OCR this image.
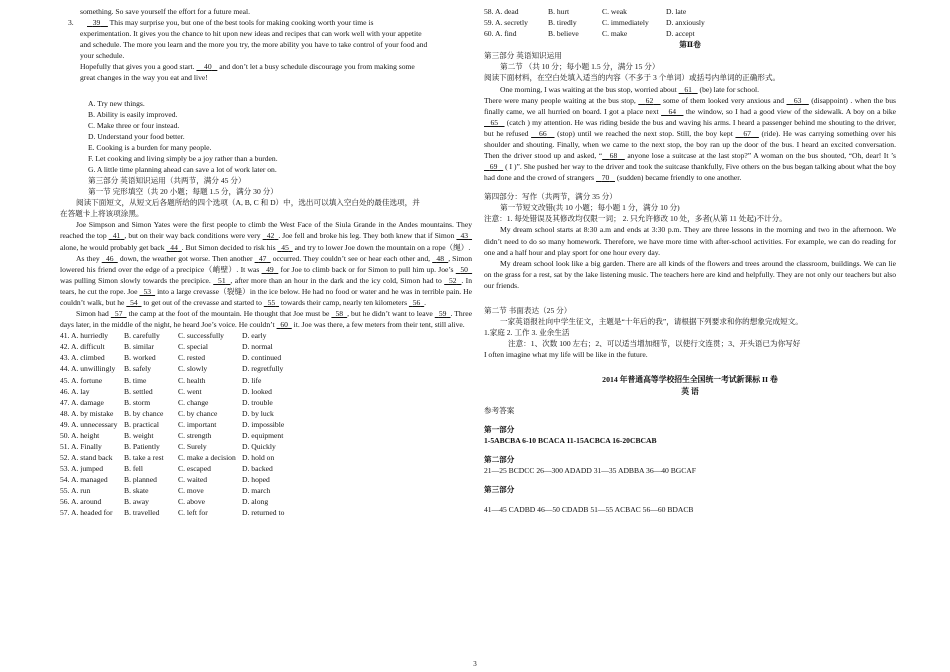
something. So save yourself the effort for a future meal.

3.	39 This may surprise you, but one of the best tools for making cooking worth your time is

experimentation. It gives you the chance to hit upon new ideas and recipes that can work well with your appetite

and schedule. The more you learn and the more you try, the more ability you have to take control of your food and

your schedule.

Hopefully that gives you a good start. 40 and don’t let a busy schedule discourage you from making some

great changes in the way you eat and live!

A. Try new things.

B. Ability is easily improved.

C. Make three or four instead.

D. Understand your food better.

E. Cooking is a burden for many people.

F. Let cooking and living simply be a joy rather than a burden.

G. A little time planning ahead can save a lot of work later on.

第三部分 英语知识运用（共两节，满分 45 分）

第一节 完形填空（共 20 小题；每题 1.5 分，满分 30 分）

阅读下面短文，从短文后各题所给的四个选项（A, B, C 和 D）中，选出可以填入空白处的最佳选项，并

在答题卡上将该项涂黑。

Joe Simpson and Simon Yates were the first people to climb the West Face of the Siula Grande in the Andes mountains. They reached the top 41 , but on their way back conditions were very 42 . Joe fell and broke his leg. They both knew that if Simon 43   alone, he would probably get back 44 . But Simon decided to risk his 45 and try to lower Joe down the mountain on a rope（绳）.

As they 46 down, the weather got worse. Then another 47 occurred. They couldn’t see or hear each other and, 48 , Simon lowered his friend over the edge of a precipice（峭壁）. It was 49 for Joe to climb back or for Simon to pull him up. Joe’s 50   was pulling Simon slowly towards the precipice. 51 , after more than an hour in the dark and the icy cold, Simon had to 52 . In tears, he cut the rope. Joe 53 into a large crevasse（裂缝）in the ice below. He had no food or water and he was in terrible pain. He couldn’t walk, but he 54 to get out of the crevasse and started to 55 towards their camp, nearly ten kilometers 56 .

Simon had 57 the camp at the foot of the mountain. He thought that Joe must be 58 , but he didn’t want to leave 59 . Three days later, in the middle of the night, he heard Joe’s voice. He couldn’t 60 it. Joe was there, a few meters from their tent, still alive.

41. A. hurriedly	B. carefully	C. successfully	D. early
42. A. difficult	B. similar	C. special	D. normal
43. A. climbed	B. worked	C. rested	D. continued
44. A. unwillingly	B. safely	C. slowly	D. regretfully
45. A. fortune	B. time	C. health	D. life
46. A. lay	B. settled	C. went	D. looked
47. A. damage	B. storm	C. change	D. trouble
48. A. by mistake	B. by chance	C. by chance	D. by luck
49. A. unnecessary B. practical	C. important	D. impossible
50. A. height	B. weight	C. strength	D. equipment
51. A. Finally	B. Patiently	C. Surely	D. Quickly
52. A. stand back	B. take a rest	C. make a decision D. hold on
53. A. jumped	B. fell	C. escaped	D. backed
54. A. managed	B. planned	C. waited	D. hoped
55. A. run	B. skate	C. move	D. march
56. A. around	B. away	C. above	D. along
57. A. headed for	B. travelled	C. left for	D. returned to
58. A. dead	B. hurt	C. weak	D. late
59. A. secretly	B. tiredly	C. immediately	D. anxiously
60. A. find	B. believe	C. make	D. accept

第Ⅱ卷

第三部分 英语知识运用

第二节 （共 10 分；每小题 1.5 分，满分 15 分）

阅读下面材料，在空白处填入适当的内容（不多于 3 个单词）或括号内单词的正确形式。

One morning, I was waiting at the bus stop, worried about 61 (be) late for school.

There were many people waiting at the bus stop, 62 some of them looked very anxious and 63 (disappoint) . when the bus finally came, we all hurried on board. I got a place next 64 the window, so I had a good view of the sidewalk. A boy on a bike    65 (catch ) my attention. He was riding beside the bus and waving his arms. I heard a passenger behind me shouting to the driver, but he refused 66 (stop) until we reached the next stop. Still, the boy kept 67 (ride). He was carrying something over his shoulder and shouting. Finally, when we came to the next stop, the boy ran up the door of the bus. I heard an excited conversation. Then the driver stood up and asked, “ 68 anyone lose a suitcase at the last stop?” A woman on the bus shouted, “Oh, dear! It ’s    69 ( I )”. She pushed her way to the driver and took the suitcase thankfully, Five others on the bus began talking about what the boy had done and the crowd of strangers 70 (sudden) became friendly to one another.

第四部分：写作（共两节，满分 35 分）

第一节短文改错(共 10 小题；每小题 1 分，满分 10 分)

注意：1. 每处错误及其修改均仅限一词； 2. 只允许修改 10 处，多者(从第 11 处起)不计分。

My dream school starts at 8:30 a.m and ends at 3:30 p.m. They are three lessons in the morning and two in the afternoon. We didn’t need to do so many homework. Therefore, we have more time with after-school activities. For example, we can do reading for one and a half hour and play sport for one hour every day.

My dream school look like a big garden. There are all kinds of the flowers and trees around the classroom, buildings. We can lie on the grass for a rest, sat by the lake listening music. The teachers here are kind and helpfully. They are not only our teachers but also our friends.

第二节 书面表达（25 分）

一家英语报社向中学生征文，主题是“十年后的我”，请根据下列要求和你的想象完成短文。

1.家庭 2. 工作 3. 业余生活

注意：1、次数 100 左右；2、可以适当增加细节，以使行文连贯；3、开头语已为你写好

I often imagine what my life will be like in the future.

2014 年普通高等学校招生全国统一考试新课标 II 卷

英 语

参考答案

第一部分

1-5ABCBA 6-10 BCACA 11-15ACBCA 16-20CBCAB

第二部分

21—25 BCDCC 26—300 ADADD 31—35 ADBBA 36—40 BGCAF

第三部分

41—45 CADBD 46—50 CDADB 51—55 ACBAC 56—60 BDACB

3
